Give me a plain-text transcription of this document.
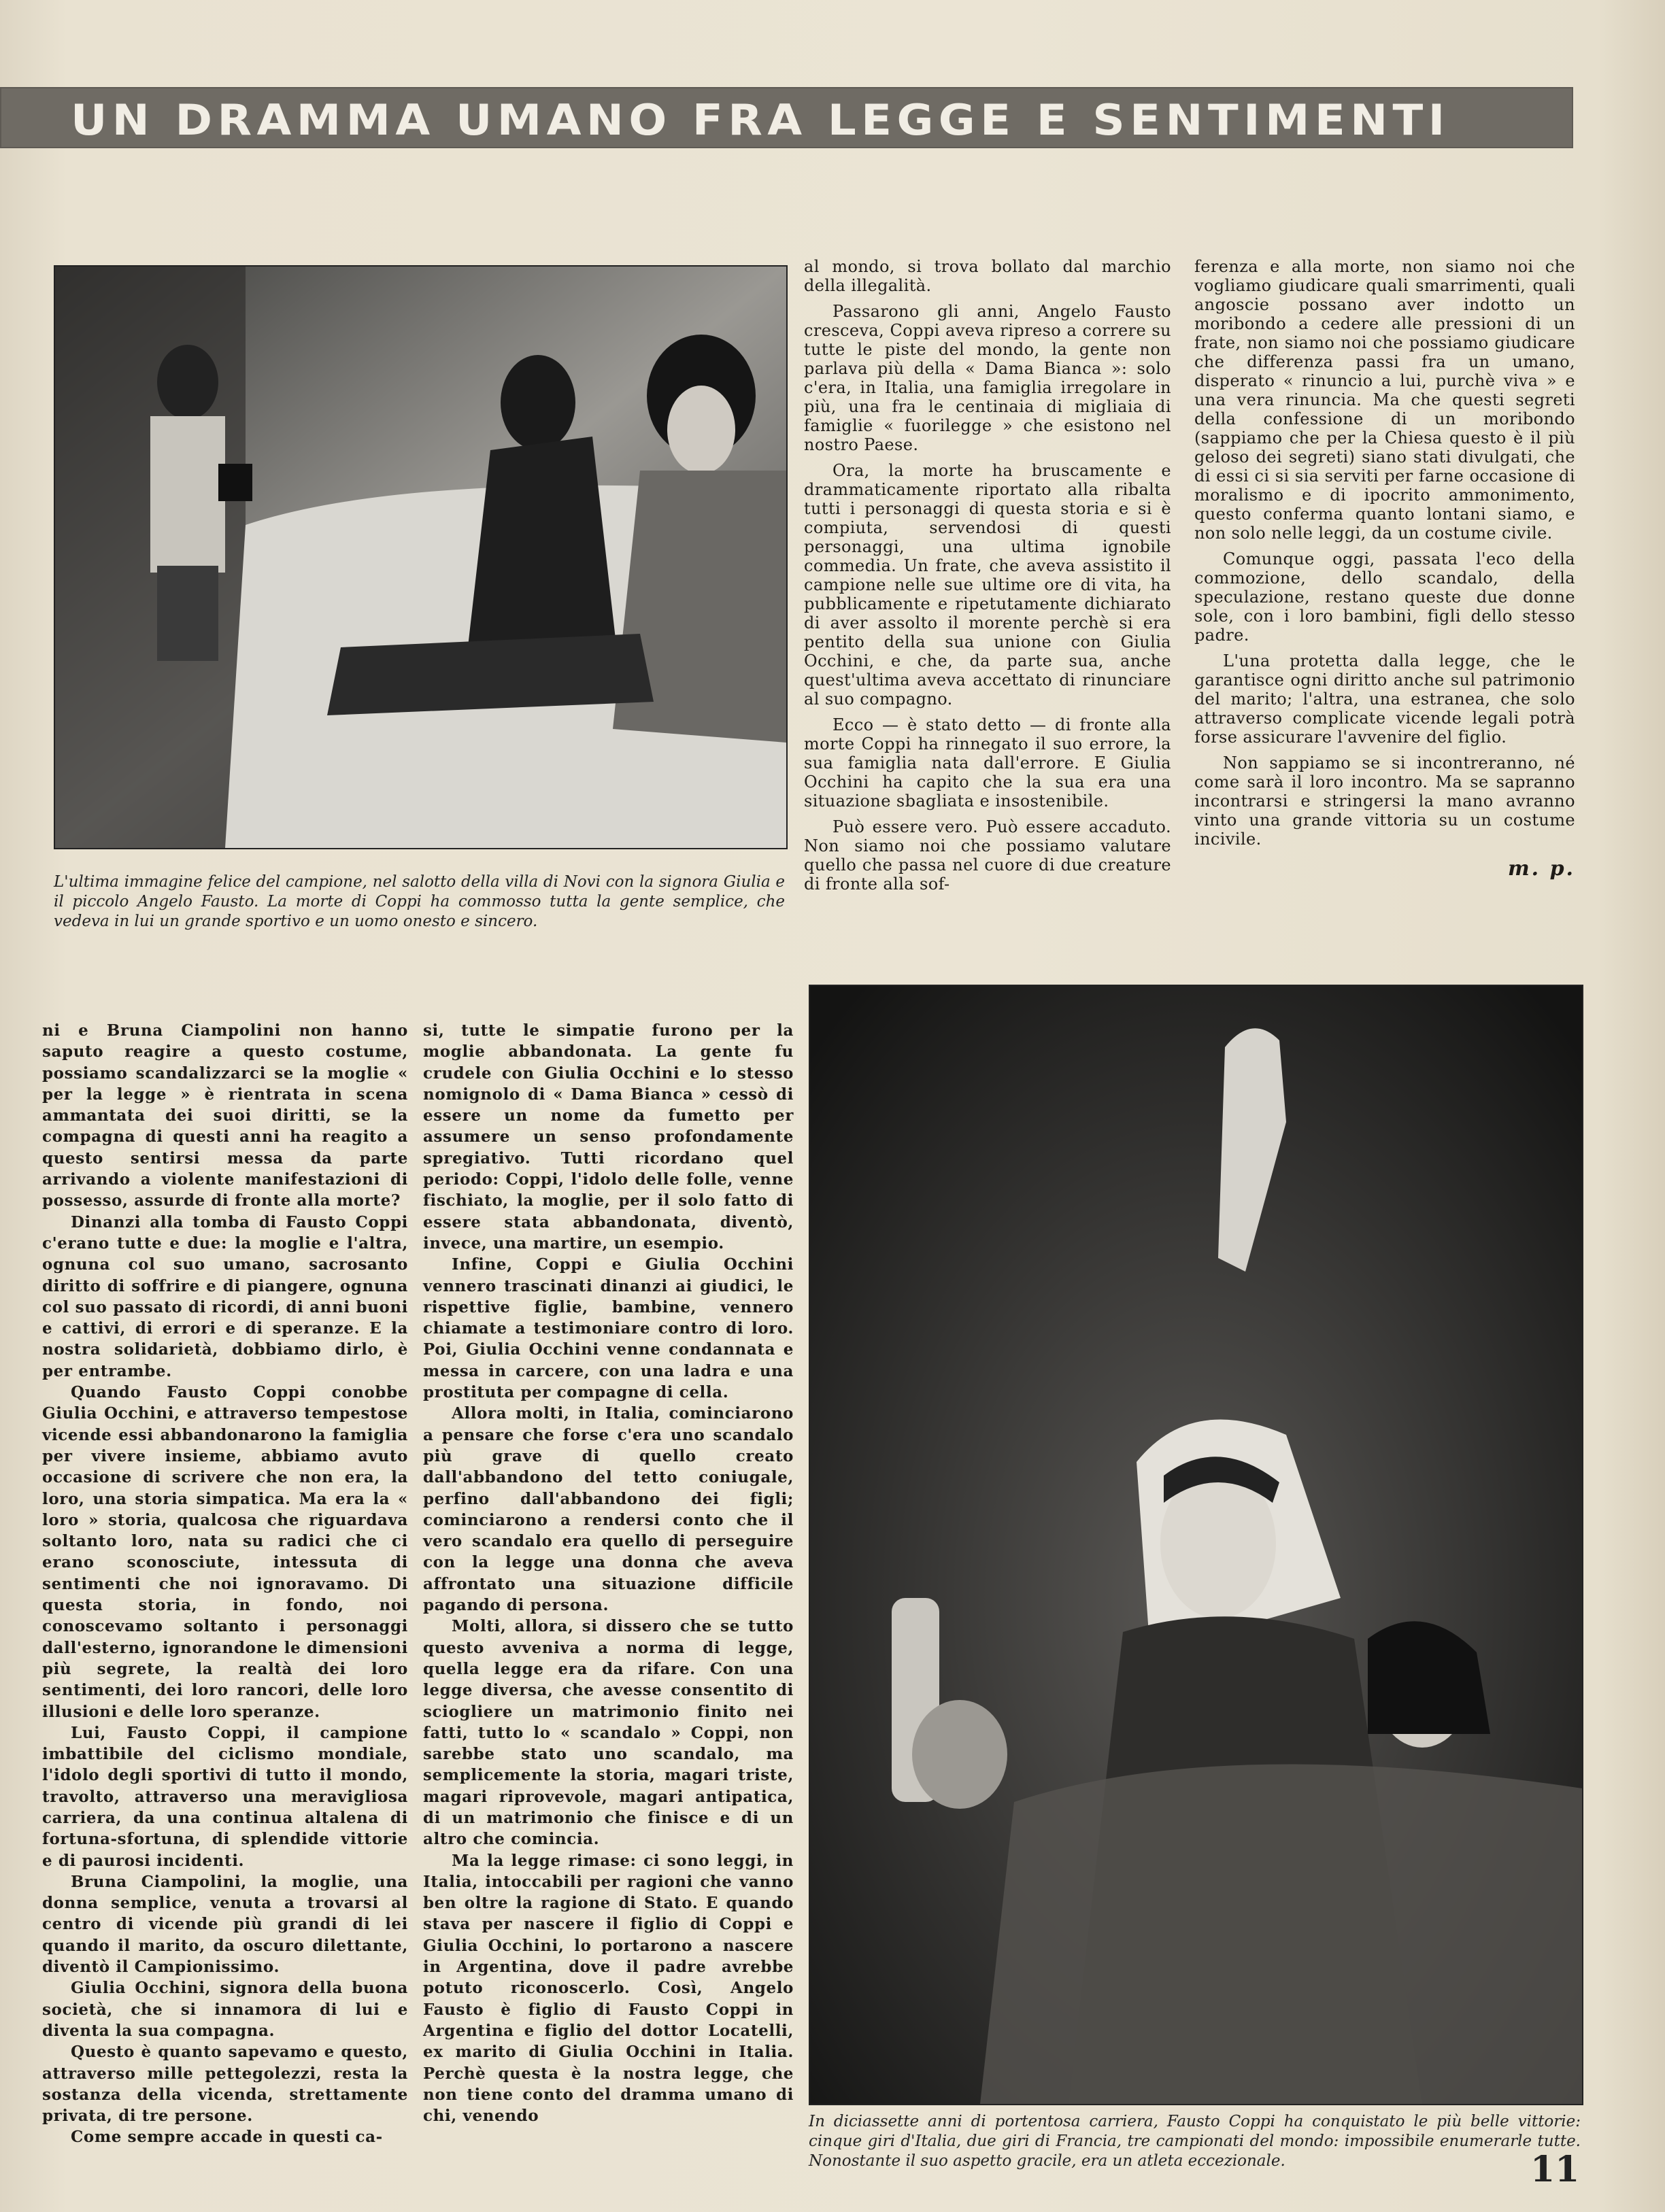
UN DRAMMA UMANO FRA LEGGE E SENTIMENTI
L'ultima immagine felice del campione, nel salotto della villa di Novi con la signora Giulia e il piccolo Angelo Fausto. La morte di Coppi ha commosso tutta la gente semplice, che vedeva in lui un grande sportivo e un uomo onesto e sincero.

al mondo, si trova bollato dal marchio della illegalità.

Passarono gli anni, Angelo Fausto cresceva, Coppi aveva ripreso a correre su tutte le piste del mondo, la gente non parlava più della « Dama Bianca »: solo c'era, in Italia, una famiglia irregolare in più, una fra le centinaia di migliaia di famiglie « fuorilegge » che esistono nel nostro Paese.

Ora, la morte ha bruscamente e drammaticamente riportato alla ribalta tutti i personaggi di questa storia e si è compiuta, servendosi di questi personaggi, una ultima ignobile commedia. Un frate, che aveva assistito il campione nelle sue ultime ore di vita, ha pubblicamente e ripetutamente dichiarato di aver assolto il morente perchè si era pentito della sua unione con Giulia Occhini, e che, da parte sua, anche quest'ultima aveva accettato di rinunciare al suo compagno.

Ecco — è stato detto — di fronte alla morte Coppi ha rinnegato il suo errore, la sua famiglia nata dall'errore. E Giulia Occhini ha capito che la sua era una situazione sbagliata e insostenibile.

Può essere vero. Può essere accaduto. Non siamo noi che possiamo valutare quello che passa nel cuore di due creature di fronte alla sof-

ferenza e alla morte, non siamo noi che vogliamo giudicare quali smarrimenti, quali angoscie possano aver indotto un moribondo a cedere alle pressioni di un frate, non siamo noi che possiamo giudicare che differenza passi fra un umano, disperato « rinuncio a lui, purchè viva » e una vera rinuncia. Ma che questi segreti della confessione di un moribondo (sappiamo che per la Chiesa questo è il più geloso dei segreti) siano stati divulgati, che di essi ci si sia serviti per farne occasione di moralismo e di ipocrito ammonimento, questo conferma quanto lontani siamo, e non solo nelle leggi, da un costume civile.

Comunque oggi, passata l'eco della commozione, dello scandalo, della speculazione, restano queste due donne sole, con i loro bambini, figli dello stesso padre.

L'una protetta dalla legge, che le garantisce ogni diritto anche sul patrimonio del marito; l'altra, una estranea, che solo attraverso complicate vicende legali potrà forse assicurare l'avvenire del figlio.

Non sappiamo se si incontreranno, né come sarà il loro incontro. Ma se sapranno incontrarsi e stringersi la mano avranno vinto una grande vittoria su un costume incivile.

m. p.

ni e Bruna Ciampolini non hanno saputo reagire a questo costume, possiamo scandalizzarci se la moglie « per la legge » è rientrata in scena ammantata dei suoi diritti, se la compagna di questi anni ha reagito a questo sentirsi messa da parte arrivando a violente manifestazioni di possesso, assurde di fronte alla morte?

Dinanzi alla tomba di Fausto Coppi c'erano tutte e due: la moglie e l'altra, ognuna col suo umano, sacrosanto diritto di soffrire e di piangere, ognuna col suo passato di ricordi, di anni buoni e cattivi, di errori e di speranze. E la nostra solidarietà, dobbiamo dirlo, è per entrambe.

Quando Fausto Coppi conobbe Giulia Occhini, e attraverso tempestose vicende essi abbandonarono la famiglia per vivere insieme, abbiamo avuto occasione di scrivere che non era, la loro, una storia simpatica. Ma era la « loro » storia, qualcosa che riguardava soltanto loro, nata su radici che ci erano sconosciute, intessuta di sentimenti che noi ignoravamo. Di questa storia, in fondo, noi conoscevamo soltanto i personaggi dall'esterno, ignorandone le dimensioni più segrete, la realtà dei loro sentimenti, dei loro rancori, delle loro illusioni e delle loro speranze.

Lui, Fausto Coppi, il campione imbattibile del ciclismo mondiale, l'idolo degli sportivi di tutto il mondo, travolto, attraverso una meravigliosa carriera, da una continua altalena di fortuna-sfortuna, di splendide vittorie e di paurosi incidenti.

Bruna Ciampolini, la moglie, una donna semplice, venuta a trovarsi al centro di vicende più grandi di lei quando il marito, da oscuro dilettante, diventò il Campionissimo.

Giulia Occhini, signora della buona società, che si innamora di lui e diventa la sua compagna.

Questo è quanto sapevamo e questo, attraverso mille pettegolezzi, resta la sostanza della vicenda, strettamente privata, di tre persone.

Come sempre accade in questi ca-

si, tutte le simpatie furono per la moglie abbandonata. La gente fu crudele con Giulia Occhini e lo stesso nomignolo di « Dama Bianca » cessò di essere un nome da fumetto per assumere un senso profondamente spregiativo. Tutti ricordano quel periodo: Coppi, l'idolo delle folle, venne fischiato, la moglie, per il solo fatto di essere stata abbandonata, diventò, invece, una martire, un esempio.

Infine, Coppi e Giulia Occhini vennero trascinati dinanzi ai giudici, le rispettive figlie, bambine, vennero chiamate a testimoniare contro di loro. Poi, Giulia Occhini venne condannata e messa in carcere, con una ladra e una prostituta per compagne di cella.

Allora molti, in Italia, cominciarono a pensare che forse c'era uno scandalo più grave di quello creato dall'abbandono del tetto coniugale, perfino dall'abbandono dei figli; cominciarono a rendersi conto che il vero scandalo era quello di perseguire con la legge una donna che aveva affrontato una situazione difficile pagando di persona.

Molti, allora, si dissero che se tutto questo avveniva a norma di legge, quella legge era da rifare. Con una legge diversa, che avesse consentito di sciogliere un matrimonio finito nei fatti, tutto lo « scandalo » Coppi, non sarebbe stato uno scandalo, ma semplicemente la storia, magari triste, magari riprovevole, magari antipatica, di un matrimonio che finisce e di un altro che comincia.

Ma la legge rimase: ci sono leggi, in Italia, intoccabili per ragioni che vanno ben oltre la ragione di Stato. E quando stava per nascere il figlio di Coppi e Giulia Occhini, lo portarono a nascere in Argentina, dove il padre avrebbe potuto riconoscerlo. Così, Angelo Fausto è figlio di Fausto Coppi in Argentina e figlio del dottor Locatelli, ex marito di Giulia Occhini in Italia. Perchè questa è la nostra legge, che non tiene conto del dramma umano di chi, venendo	In diciassette anni di portentosa carriera, Fausto Coppi ha conquistato le più belle vittorie: cinque giri d'Italia, due giri di Francia, tre campionati del mondo: impossibile enumerarle tutte. Nonostante il suo aspetto gracile, era un atleta eccezionale.	11
